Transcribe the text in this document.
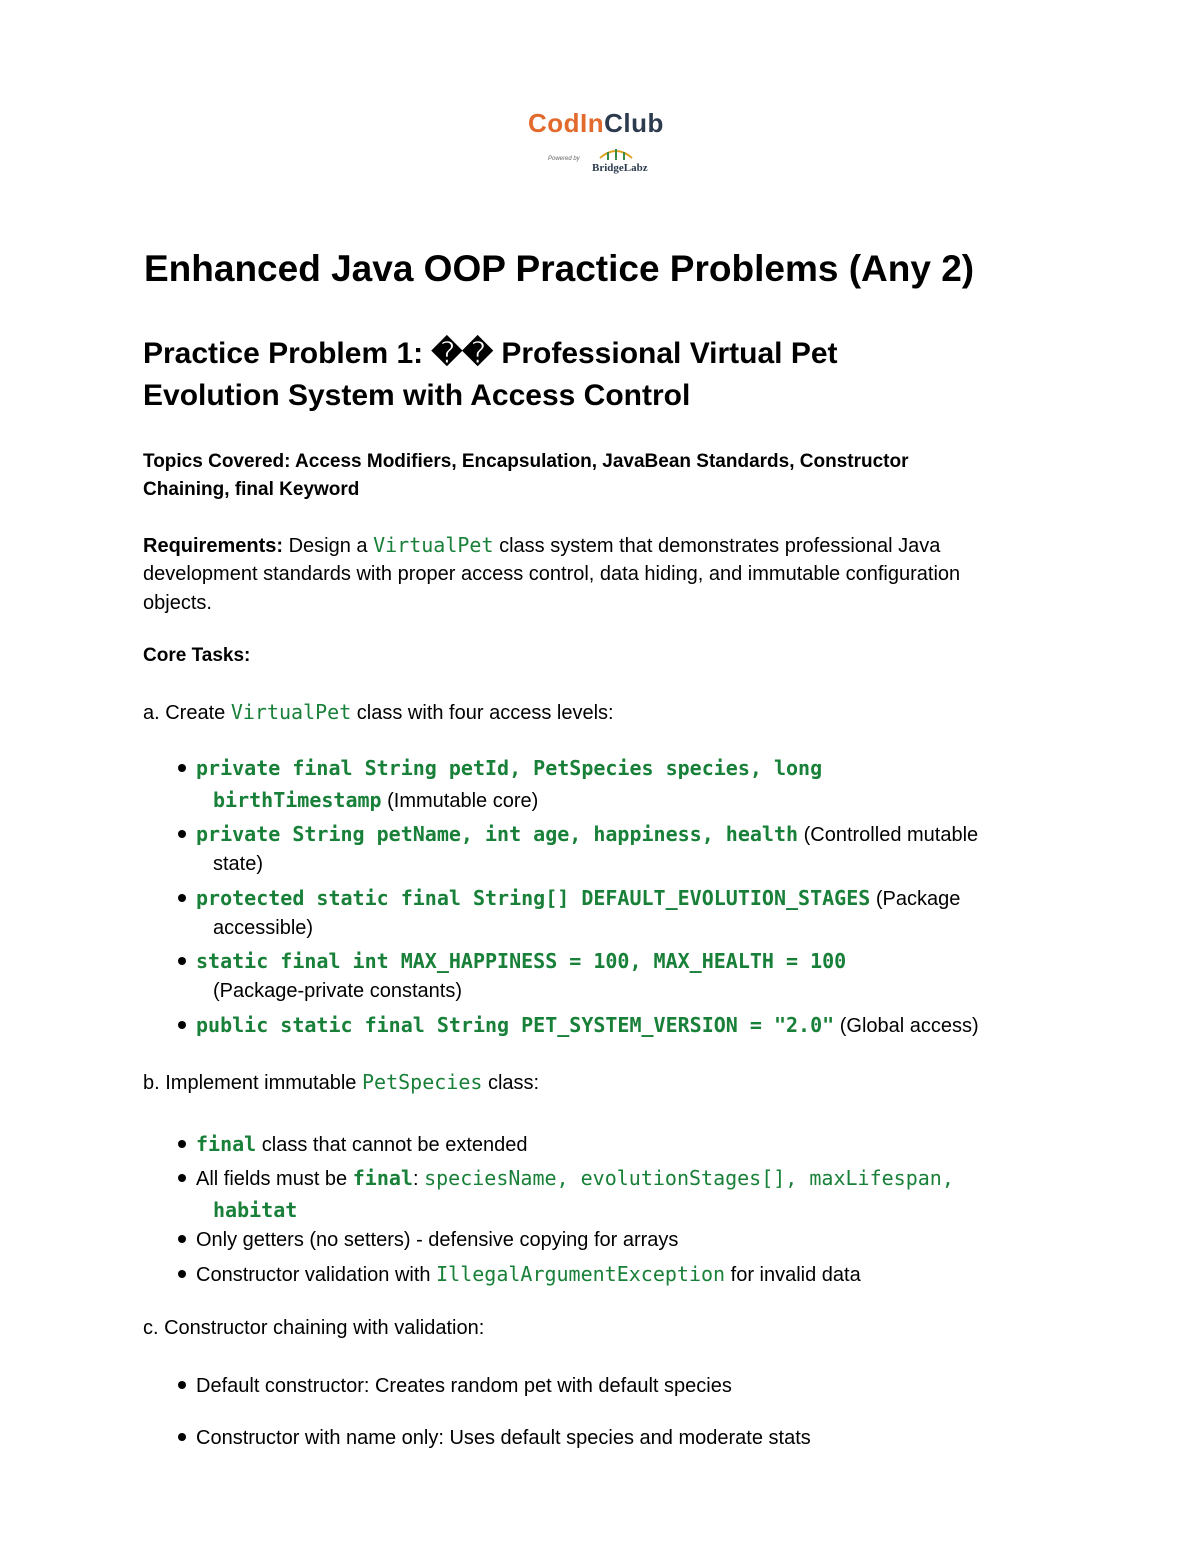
CodInClub
Powered by
BridgeLabz
Enhanced Java OOP Practice Problems (Any 2)
Practice Problem 1: �� Professional Virtual Pet
Evolution System with Access Control
Topics Covered: Access Modifiers, Encapsulation, JavaBean Standards, Constructor
Chaining, final Keyword
Requirements: Design a VirtualPet class system that demonstrates professional Java
development standards with proper access control, data hiding, and immutable configuration
objects.
Core Tasks:
a. Create VirtualPet class with four access levels:
private final String petId, PetSpecies species, long
birthTimestamp (Immutable core)
private String petName, int age, happiness, health (Controlled mutable
state)
protected static final String[] DEFAULT_EVOLUTION_STAGES (Package
accessible)
static final int MAX_HAPPINESS = 100, MAX_HEALTH = 100
(Package-private constants)
public static final String PET_SYSTEM_VERSION = "2.0" (Global access)
b. Implement immutable PetSpecies class:
final class that cannot be extended
All fields must be final: speciesName, evolutionStages[], maxLifespan,
habitat
Only getters (no setters) - defensive copying for arrays
Constructor validation with IllegalArgumentException for invalid data
c. Constructor chaining with validation:
Default constructor: Creates random pet with default species
Constructor with name only: Uses default species and moderate stats
